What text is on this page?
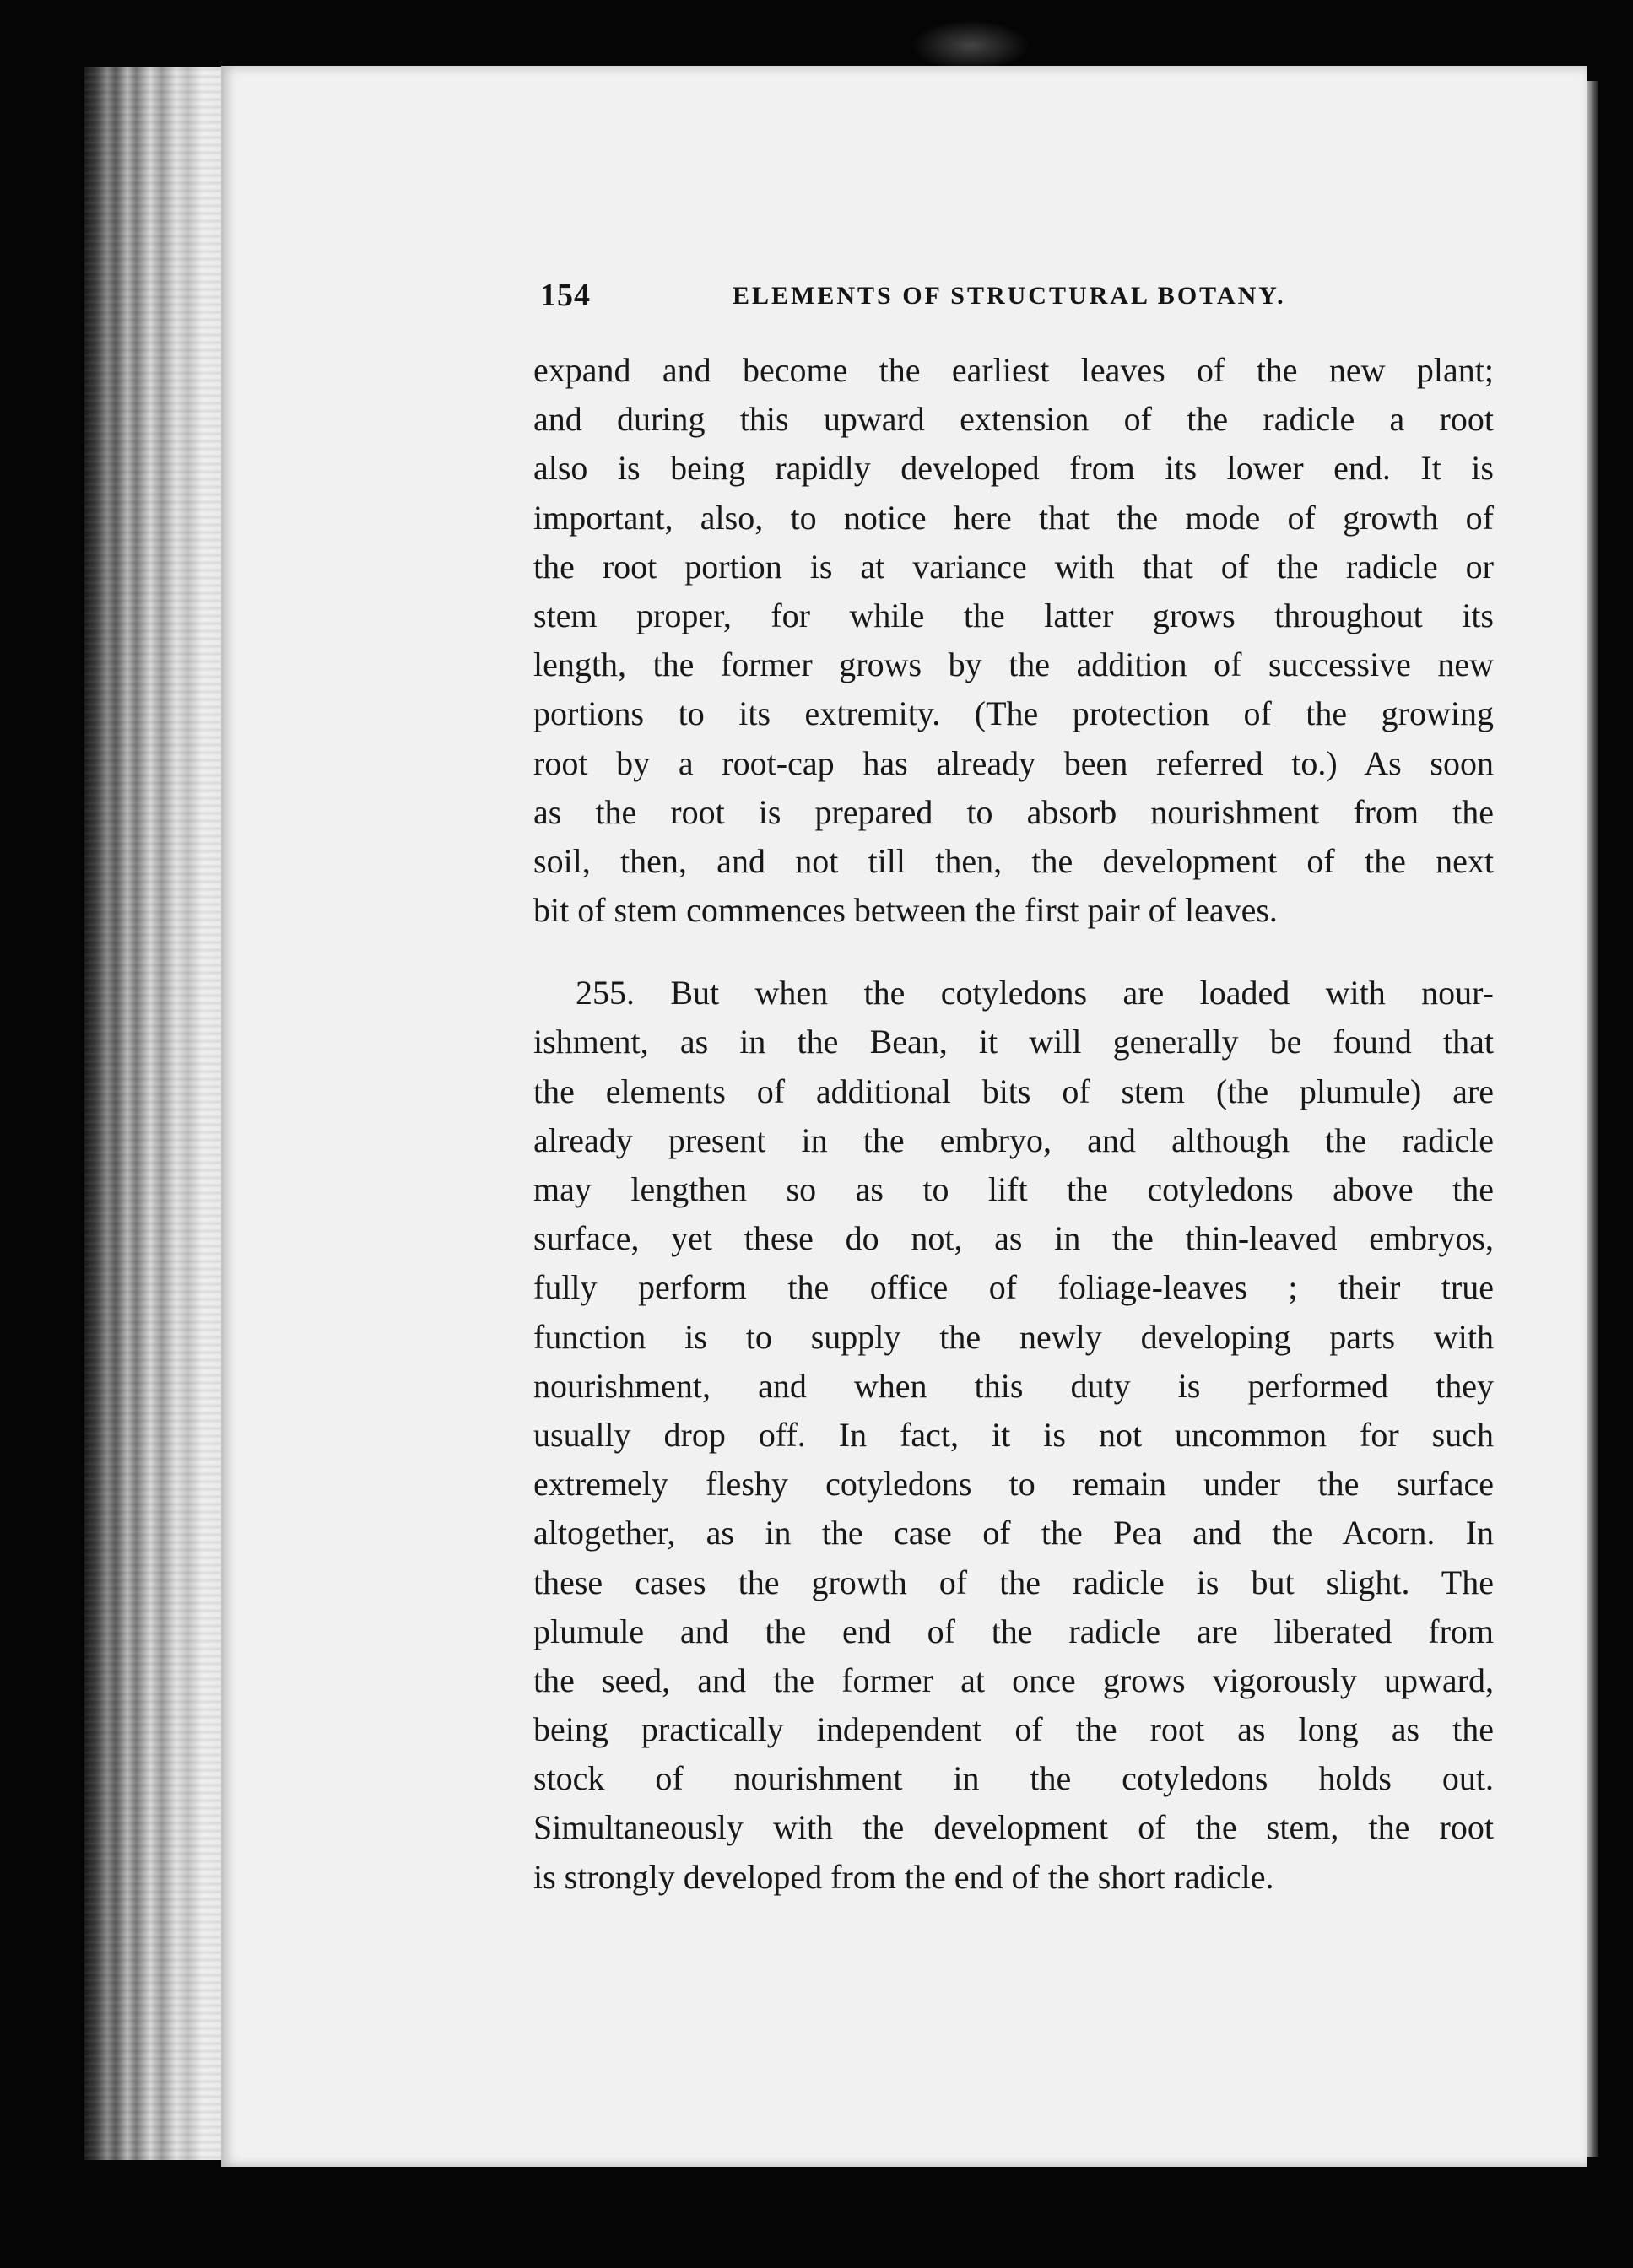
154	ELEMENTS OF STRUCTURAL BOTANY.
expand and become the earliest leaves of the new plant;
and during this upward extension of the radicle a root
also is being rapidly developed from its lower end. It is
important, also, to notice here that the mode of growth of
the root portion is at variance with that of the radicle or
stem proper, for while the latter grows throughout its
length, the former grows by the addition of successive new
portions to its extremity. (The protection of the growing
root by a root-cap has already been referred to.) As soon
as the root is prepared to absorb nourishment from the
soil, then, and not till then, the development of the next
bit of stem commences between the first pair of leaves.
255. But when the cotyledons are loaded with nour-
ishment, as in the Bean, it will generally be found that
the elements of additional bits of stem (the plumule) are
already present in the embryo, and although the radicle
may lengthen so as to lift the cotyledons above the
surface, yet these do not, as in the thin-leaved embryos,
fully perform the office of foliage-leaves ; their true
function is to supply the newly developing parts with
nourishment, and when this duty is performed they
usually drop off. In fact, it is not uncommon for such
extremely fleshy cotyledons to remain under the surface
altogether, as in the case of the Pea and the Acorn. In
these cases the growth of the radicle is but slight. The
plumule and the end of the radicle are liberated from
the seed, and the former at once grows vigorously upward,
being practically independent of the root as long as the
stock of nourishment in the cotyledons holds out.
Simultaneously with the development of the stem, the root
is strongly developed from the end of the short radicle.
